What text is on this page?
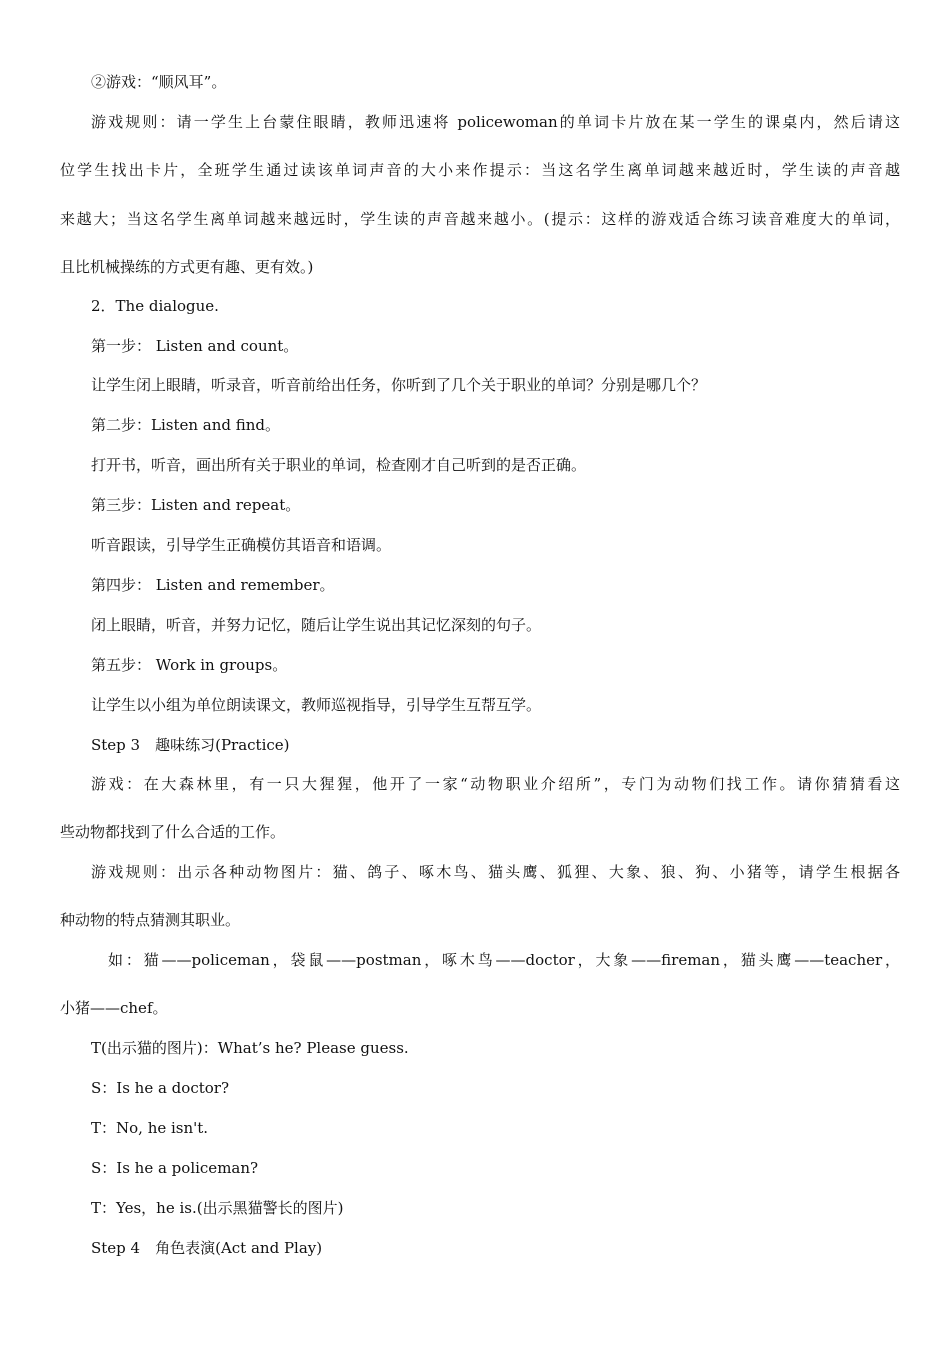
②游戏：“顺风耳”。

游戏规则：请一学生上台蒙住眼睛，教师迅速将 policewoman的单词卡片放在某一学生的课桌内，然后请这

位学生找出卡片，全班学生通过读该单词声音的大小来作提示：当这名学生离单词越来越近时，学生读的声音越

来越大；当这名学生离单词越来越远时，学生读的声音越来越小。(提示：这样的游戏适合练习读音难度大的单词，

且比机械操练的方式更有趣、更有效。)

2．The dialogue.

第一步： Listen and count。

让学生闭上眼睛，听录音，听音前给出任务，你听到了几个关于职业的单词？分别是哪几个？

第二步：Listen and find。

打开书，听音，画出所有关于职业的单词，检查刚才自己听到的是否正确。

第三步：Listen and repeat。

听音跟读，引导学生正确模仿其语音和语调。

第四步： Listen and remember。

闭上眼睛，听音，并努力记忆，随后让学生说出其记忆深刻的句子。

第五步： Work in groups。

让学生以小组为单位朗读课文，教师巡视指导，引导学生互帮互学。

Step 3　趣味练习(Practice)

游戏：在大森林里，有一只大猩猩，他开了一家“动物职业介绍所”，专门为动物们找工作。请你猜猜看这

些动物都找到了什么合适的工作。

游戏规则：出示各种动物图片：猫、鸽子、啄木鸟、猫头鹰、狐狸、大象、狼、狗、小猪等，请学生根据各

种动物的特点猜测其职业。

如：猫——policeman，袋鼠——postman，啄木鸟——doctor，大象——fireman，猫头鹰——teacher，

小猪——chef。

T(出示猫的图片)：What’s he? Please guess.

S：Is he a doctor?

T：No, he isn't.

S：Is he a policeman?

T：Yes，he is.(出示黑猫警长的图片)

Step 4　角色表演(Act and Play)
